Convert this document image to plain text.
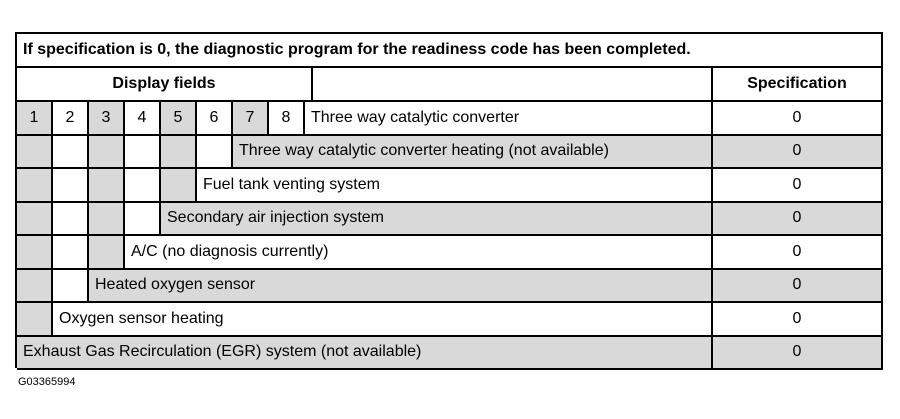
If specification is 0, the diagnostic program for the readiness code has been completed.
Display fields	Specification
1	2	3	4	5	6	7	8	Three way catalytic converter	0
Three way catalytic converter heating (not available)	0
Fuel tank venting system	0
Secondary air injection system	0
A/C (no diagnosis currently)	0
Heated oxygen sensor	0
Oxygen sensor heating	0
Exhaust Gas Recirculation (EGR) system (not available)	0
G03365994
